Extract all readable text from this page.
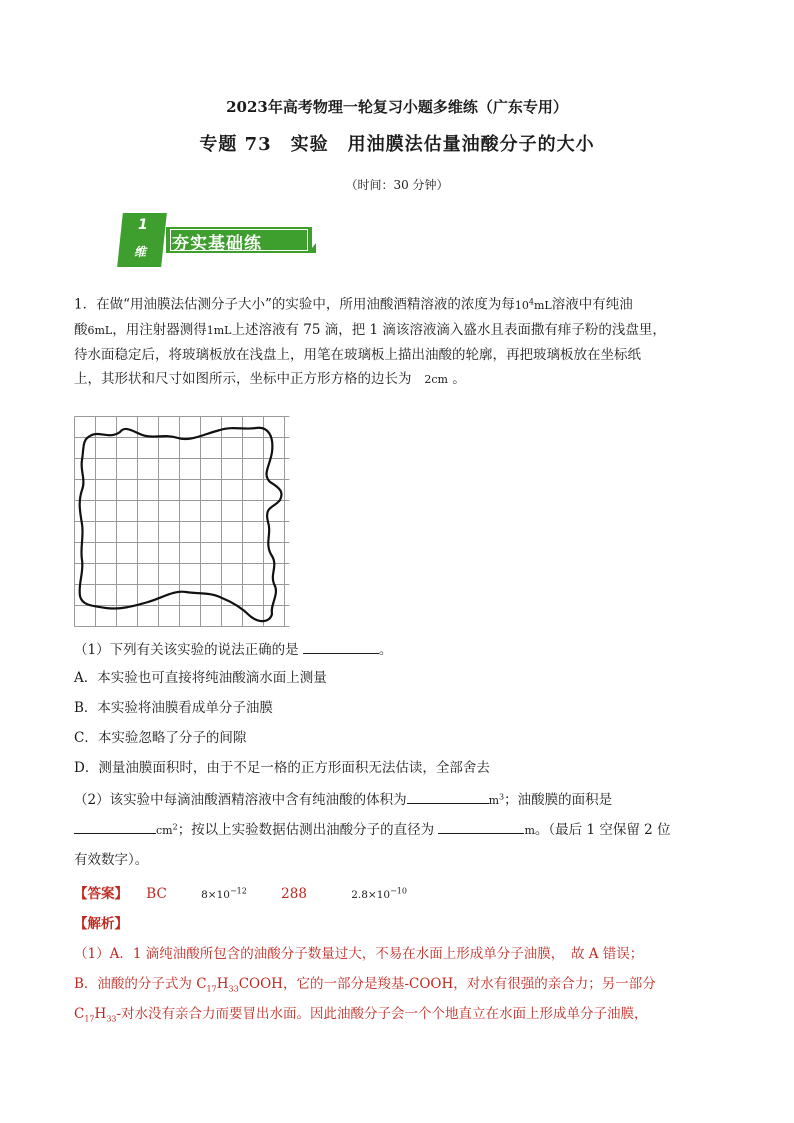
2023年高考物理一轮复习小题多维练（广东专用）
专题 73　实验　用油膜法估量油酸分子的大小
（时间：30 分钟）
1
维 夯实基础练
1．在做“用油膜法估测分子大小”的实验中，所用油酸酒精溶液的浓度为每$10^4mL$溶液中有纯油
酸6mL，用注射器测得1mL上述溶液有 75 滴，把 1 滴该溶液滴入盛水且表面撒有痱子粉的浅盘里，
待水面稳定后，将玻璃板放在浅盘上，用笔在玻璃板上描出油酸的轮廓，再把玻璃板放在坐标纸
上，其形状和尺寸如图所示，坐标中正方形方格的边长为 2cm 。
（1）下列有关该实验的说法正确的是	。
A．本实验也可直接将纯油酸滴水面上测量
B．本实验将油膜看成单分子油膜
C．本实验忽略了分子的间隙
D．测量油膜面积时，由于不足一格的正方形面积无法估读，全部舍去
（2）该实验中每滴油酸酒精溶液中含有纯油酸的体积为	$m^3$；油酸膜的面积是
$cm^2$；按以上实验数据估测出油酸分子的直径为	m。（最后 1 空保留 2 位
有效数字）。
【答案】 BC	$8\times 10^{-12}$	288	$2.8\times 10^{-10}$
【解析】
（1）A．1 滴纯油酸所包含的油酸分子数量过大，不易在水面上形成单分子油膜，　故 A 错误；
B．油酸的分子式为 $C_{17}H_{33}COOH$，它的一部分是羧基-COOH，对水有很强的亲合力；另一部分
$C_{17}H_{33}-$对水没有亲合力而要冒出水面。因此油酸分子会一个个地直立在水面上形成单分子油膜，
